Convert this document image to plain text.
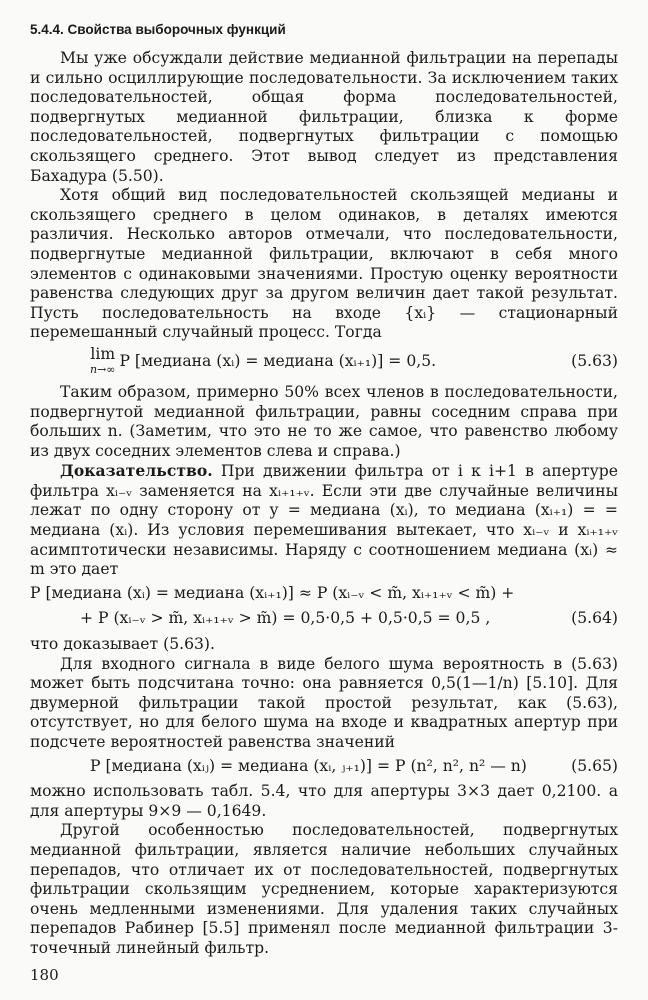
5.4.4. Свойства выборочных функций

Мы уже обсуждали действие медианной фильтрации на перепады и сильно осциллирующие последовательности. За исключением таких последовательностей, общая форма последовательностей, подвергнутых медианной фильтрации, близка к форме последовательностей, подвергнутых фильтрации с помощью скользящего среднего. Этот вывод следует из представления Бахадура (5.50).

Хотя общий вид последовательностей скользящей медианы и скользящего среднего в целом одинаков, в деталях имеются различия. Несколько авторов отмечали, что последовательности, подвергнутые медианной фильтрации, включают в себя много элементов с одинаковыми значениями. Простую оценку вероятности равенства следующих друг за другом величин дает такой результат. Пусть последовательность на входе {xᵢ} — стационарный перемешанный случайный процесс. Тогда

lim
n→∞ P [медиана (xᵢ) = медиана (xᵢ₊₁)] = 0,5.	(5.63)

Таким образом, примерно 50% всех членов в последовательности, подвергнутой медианной фильтрации, равны соседним справа при больших n. (Заметим, что это не то же самое, что равенство любому из двух соседних элементов слева и справа.)

Доказательство. При движении фильтра от i к i+1 в апертуре фильтра xᵢ₋ᵥ заменяется на xᵢ₊₁₊ᵥ. Если эти две случайные величины лежат по одну сторону от y = медиана (xᵢ), то медиана (xᵢ₊₁) = = медиана (xᵢ). Из условия перемешивания вытекает, что xᵢ₋ᵥ и xᵢ₊₁₊ᵥ асимптотически независимы. Наряду с соотношением медиана (xᵢ) ≈ m это дает

P [медиана (xᵢ) = медиана (xᵢ₊₁)] ≈ P (xᵢ₋ᵥ < m̃, xᵢ₊₁₊ᵥ < m̃) +
+ P (xᵢ₋ᵥ > m̃, xᵢ₊₁₊ᵥ > m̃) = 0,5·0,5 + 0,5·0,5 = 0,5 ,	(5.64)

что доказывает (5.63).

Для входного сигнала в виде белого шума вероятность в (5.63) может быть подсчитана точно: она равняется 0,5(1—1/n) [5.10]. Для двумерной фильтрации такой простой результат, как (5.63), отсутствует, но для белого шума на входе и квадратных апертур при подсчете вероятностей равенства значений

P [медиана (xᵢⱼ) = медиана (xᵢ, ⱼ₊₁)] = P (n², n², n² — n)	(5.65)

можно использовать табл. 5.4, что для апертуры 3×3 дает 0,2100. а для апертуры 9×9 — 0,1649.

Другой особенностью последовательностей, подвергнутых медианной фильтрации, является наличие небольших случайных перепадов, что отличает их от последовательностей, подвергнутых фильтрации скользящим усреднением, которые характеризуются очень медленными изменениями. Для удаления таких случайных перепадов Рабинер [5.5] применял после медианной фильтрации 3-точечный линейный фильтр.

180
